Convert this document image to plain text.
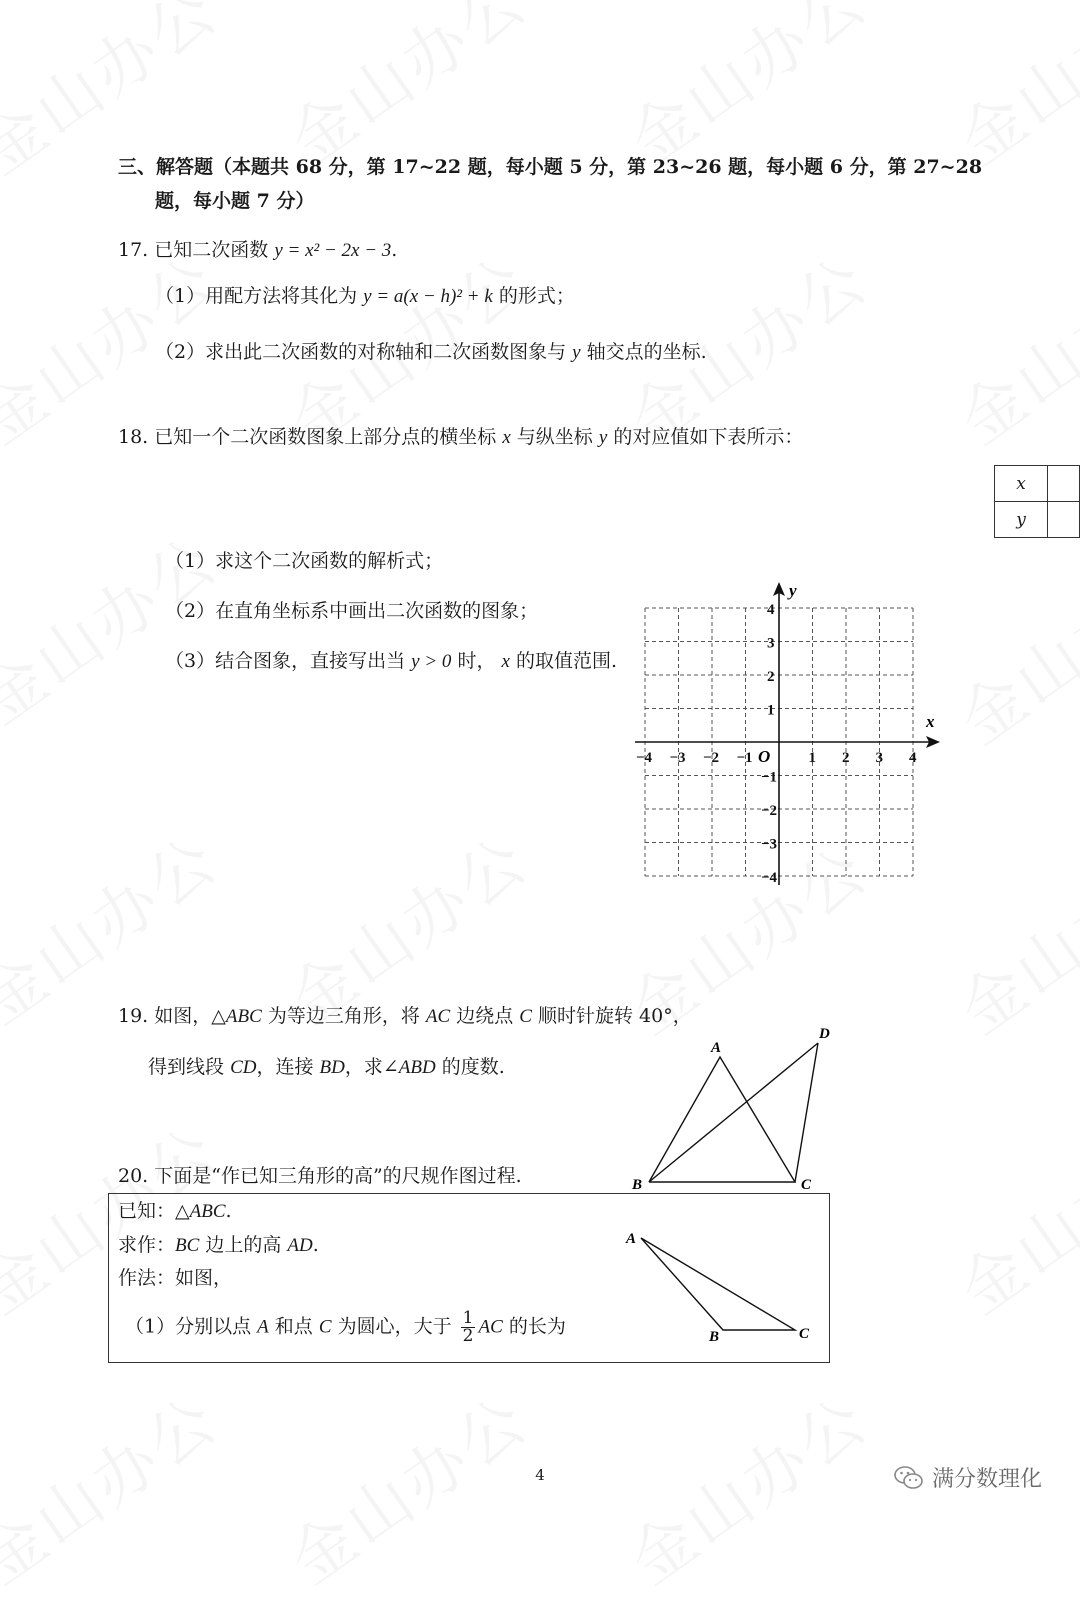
三、解答题（本题共 68 分，第 17~22 题，每小题 5 分，第 23~26 题，每小题 6 分，第 27~28
题，每小题 7 分）
17. 已知二次函数 y = x² − 2x − 3.
（1）用配方法将其化为 y = a(x − h)² + k 的形式；
（2）求出此二次函数的对称轴和二次函数图象与 y 轴交点的坐标.
18. 已知一个二次函数图象上部分点的横坐标 x 与纵坐标 y 的对应值如下表所示：
x	
y	
（1）求这个二次函数的解析式；
（2）在直角坐标系中画出二次函数的图象；
（3）结合图象，直接写出当 y > 0 时， x 的取值范围.
x
y
O
−4 −3 −2 −1	1 2 3 4
4
3
2
1
−1
−2
−3
−4
19. 如图，△ABC 为等边三角形，将 AC 边绕点 C 顺时针旋转 40°，
得到线段 CD，连接 BD，求∠ABD 的度数.
A
B	C
D
20. 下面是“作已知三角形的高”的尺规作图过程.
已知：△ABC.
求作：BC 边上的高 AD.
作法：如图，
（1）分别以点 A 和点 C 为圆心，大于 $\frac{1}{2}$ AC 的长为
A
B	C
4	满分数理化
